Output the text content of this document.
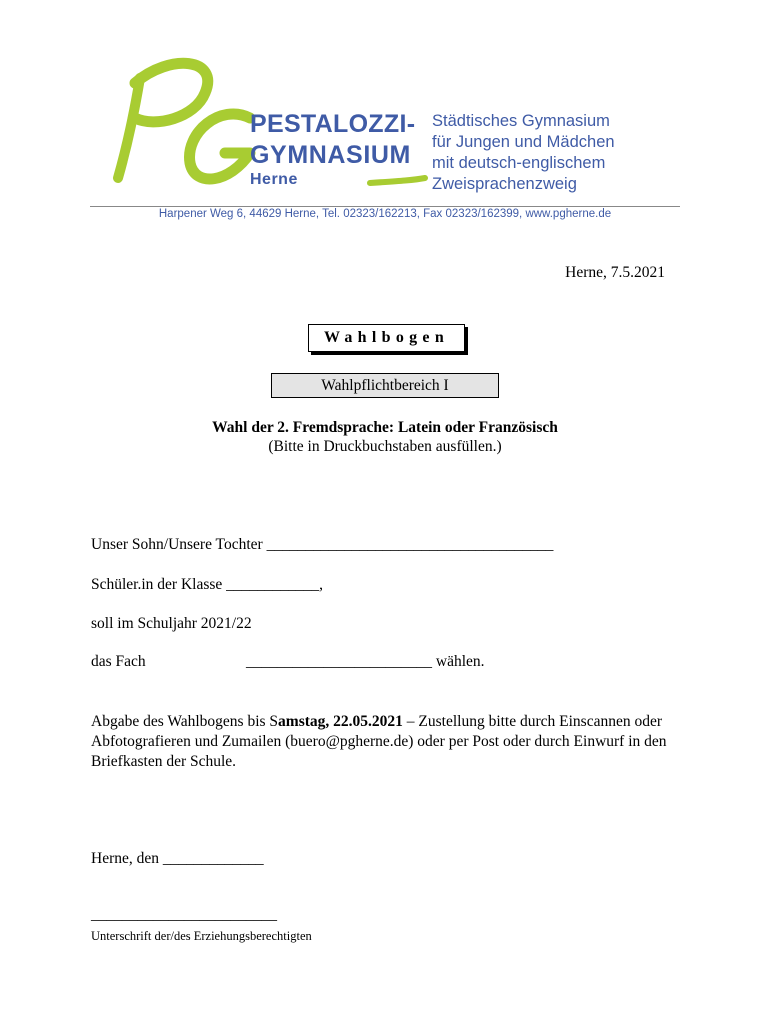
PESTALOZZI-
GYMNASIUM
Herne
Städtisches Gymnasium
für Jungen und Mädchen
mit deutsch-englischem
Zweisprachenzweig
Harpener Weg 6, 44629 Herne, Tel. 02323/162213, Fax 02323/162399, www.pgherne.de
Herne, 7.5.2021
Wahlbogen
Wahlpflichtbereich I
Wahl der 2. Fremdsprache: Latein oder Französisch
(Bitte in Druckbuchstaben ausfüllen.)
Unser Sohn/Unsere Tochter _____________________________________
Schüler.in der Klasse ____________,
soll im Schuljahr 2021/22
das Fach	________________________ wählen.
Abgabe des Wahlbogens bis Samstag, 22.05.2021 – Zustellung bitte durch Einscannen oder Abfotografieren und Zumailen (buero@pgherne.de) oder per Post oder durch Einwurf in den Briefkasten der Schule.
Herne, den _____________
________________________
Unterschrift der/des Erziehungsberechtigten
